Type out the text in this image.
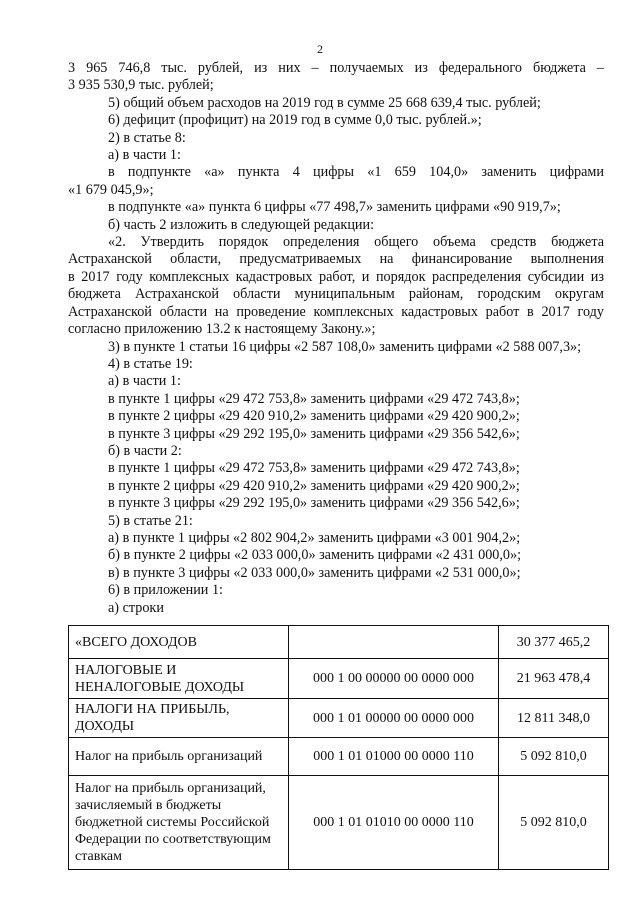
2

3 965 746,8 тыс. рублей, из них – получаемых из федерального бюджета –

3 935 530,9 тыс. рублей;

5) общий объем расходов на 2019 год в сумме 25 668 639,4 тыс. рублей;

6) дефицит (профицит) на 2019 год в сумме 0,0 тыс. рублей.»;

2) в статье 8:

а) в части 1:

в подпункте «а» пункта 4 цифры «1 659 104,0» заменить цифрами

«1 679 045,9»;

в подпункте «а» пункта 6 цифры «77 498,7» заменить цифрами «90 919,7»;

б) часть 2 изложить в следующей редакции:

«2. Утвердить порядок определения общего объема средств бюджета

Астраханской области, предусматриваемых на финансирование выполнения

в 2017 году комплексных кадастровых работ, и порядок распределения субсидии из

бюджета Астраханской области муниципальным районам, городским округам

Астраханской области на проведение комплексных кадастровых работ в 2017 году

согласно приложению 13.2 к настоящему Закону.»;

3) в пункте 1 статьи 16 цифры «2 587 108,0» заменить цифрами «2 588 007,3»;

4) в статье 19:

а) в части 1:

в пункте 1 цифры «29 472 753,8» заменить цифрами «29 472 743,8»;

в пункте 2 цифры «29 420 910,2» заменить цифрами «29 420 900,2»;

в пункте 3 цифры «29 292 195,0» заменить цифрами «29 356 542,6»;

б) в части 2:

в пункте 1 цифры «29 472 753,8» заменить цифрами «29 472 743,8»;

в пункте 2 цифры «29 420 910,2» заменить цифрами «29 420 900,2»;

в пункте 3 цифры «29 292 195,0» заменить цифрами «29 356 542,6»;

5) в статье 21:

а) в пункте 1 цифры «2 802 904,2» заменить цифрами «3 001 904,2»;

б) в пункте 2 цифры «2 033 000,0» заменить цифрами «2 431 000,0»;

в) в пункте 3 цифры «2 033 000,0» заменить цифрами «2 531 000,0»;

6) в приложении 1:

а) строки

«ВСЕГО ДОХОДОВ		30 377 465,2
НАЛОГОВЫЕ И НЕНАЛОГОВЫЕ ДОХОДЫ	000 1 00 00000 00 0000 000	21 963 478,4
НАЛОГИ НА ПРИБЫЛЬ, ДОХОДЫ	000 1 01 00000 00 0000 000	12 811 348,0
Налог на прибыль организаций	000 1 01 01000 00 0000 110	5 092 810,0
Налог на прибыль организаций, зачисляемый в бюджеты бюджетной системы Российской Федерации по соответствующим ставкам	000 1 01 01010 00 0000 110	5 092 810,0
